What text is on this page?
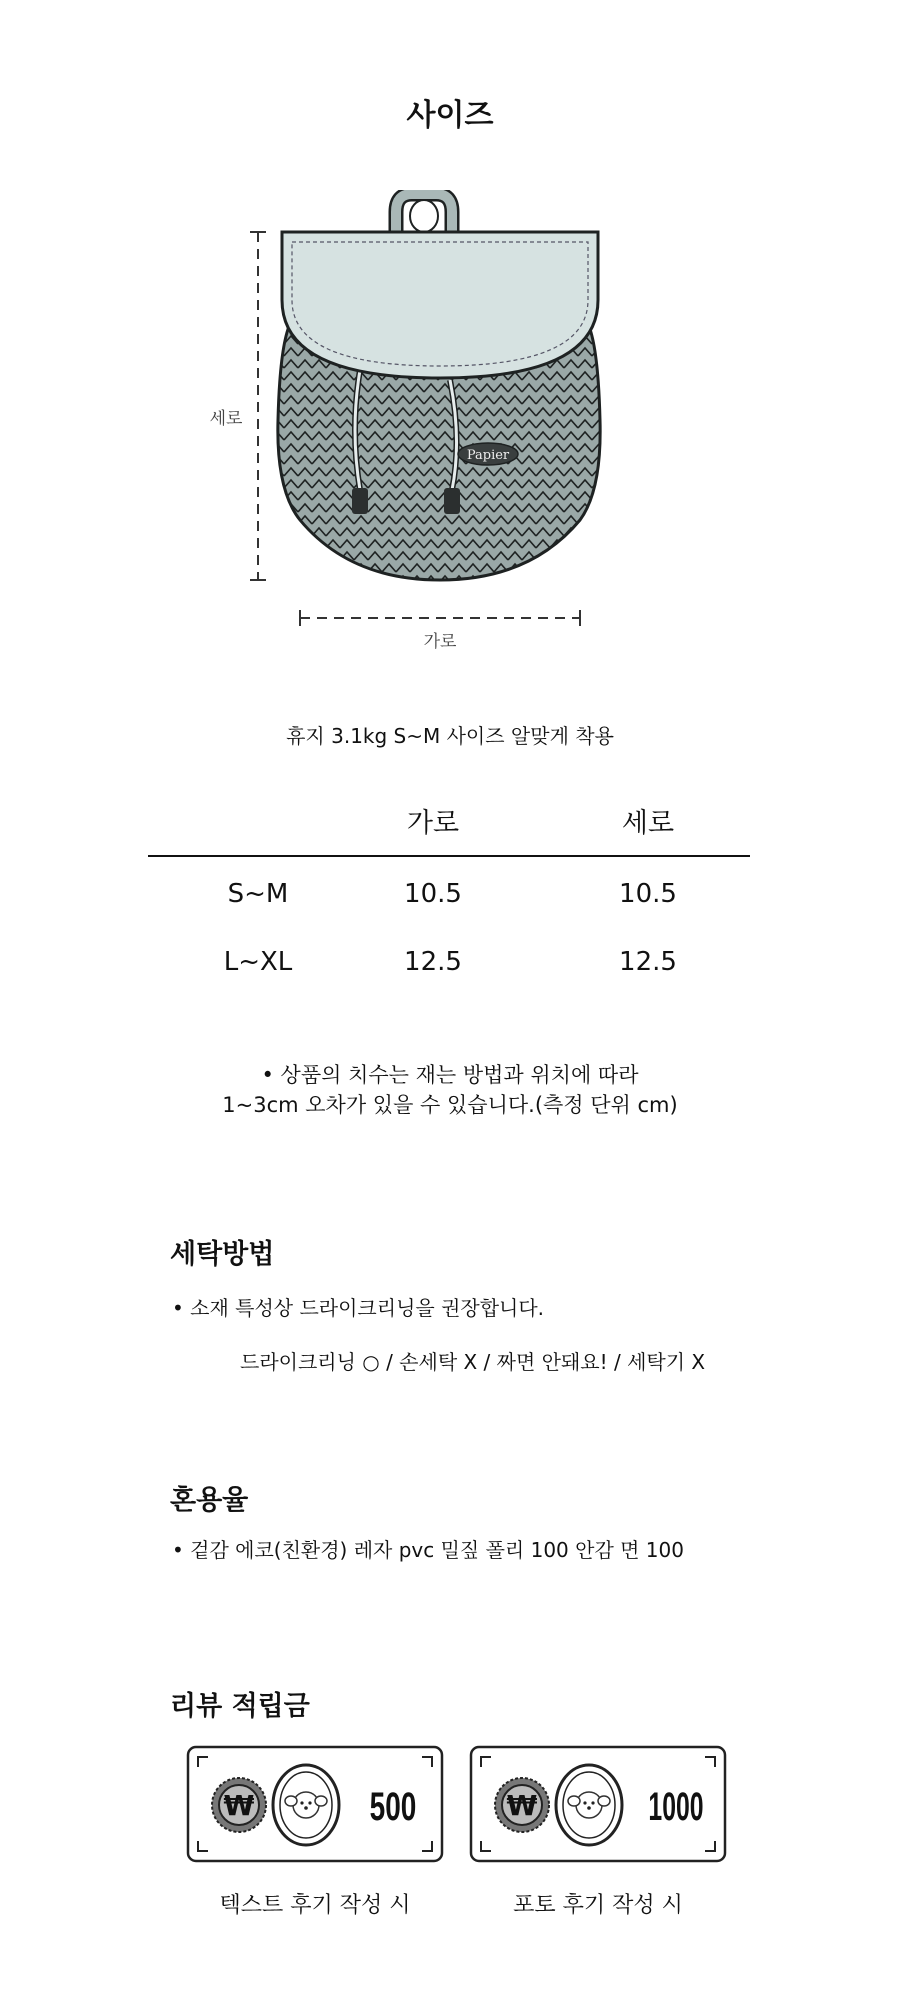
사이즈
세로
가로
Papier
휴지 3.1kg S~M 사이즈 알맞게 착용
가로	세로
S~M	10.5	10.5
L~XL	12.5	12.5
• 상품의 치수는 재는 방법과 위치에 따라
1~3cm 오차가 있을 수 있습니다.(측정 단위 cm)
세탁방법
• 소재 특성상 드라이크리닝을 권장합니다.
드라이크리닝 ○ / 손세탁 X / 짜면 안돼요! / 세탁기 X
혼용율
• 겉감 에코(친환경) 레자 pvc 밀짚 폴리 100 안감 면 100
리뷰 적립금
₩	500	₩	1000
텍스트 후기 작성 시	포토 후기 작성 시
